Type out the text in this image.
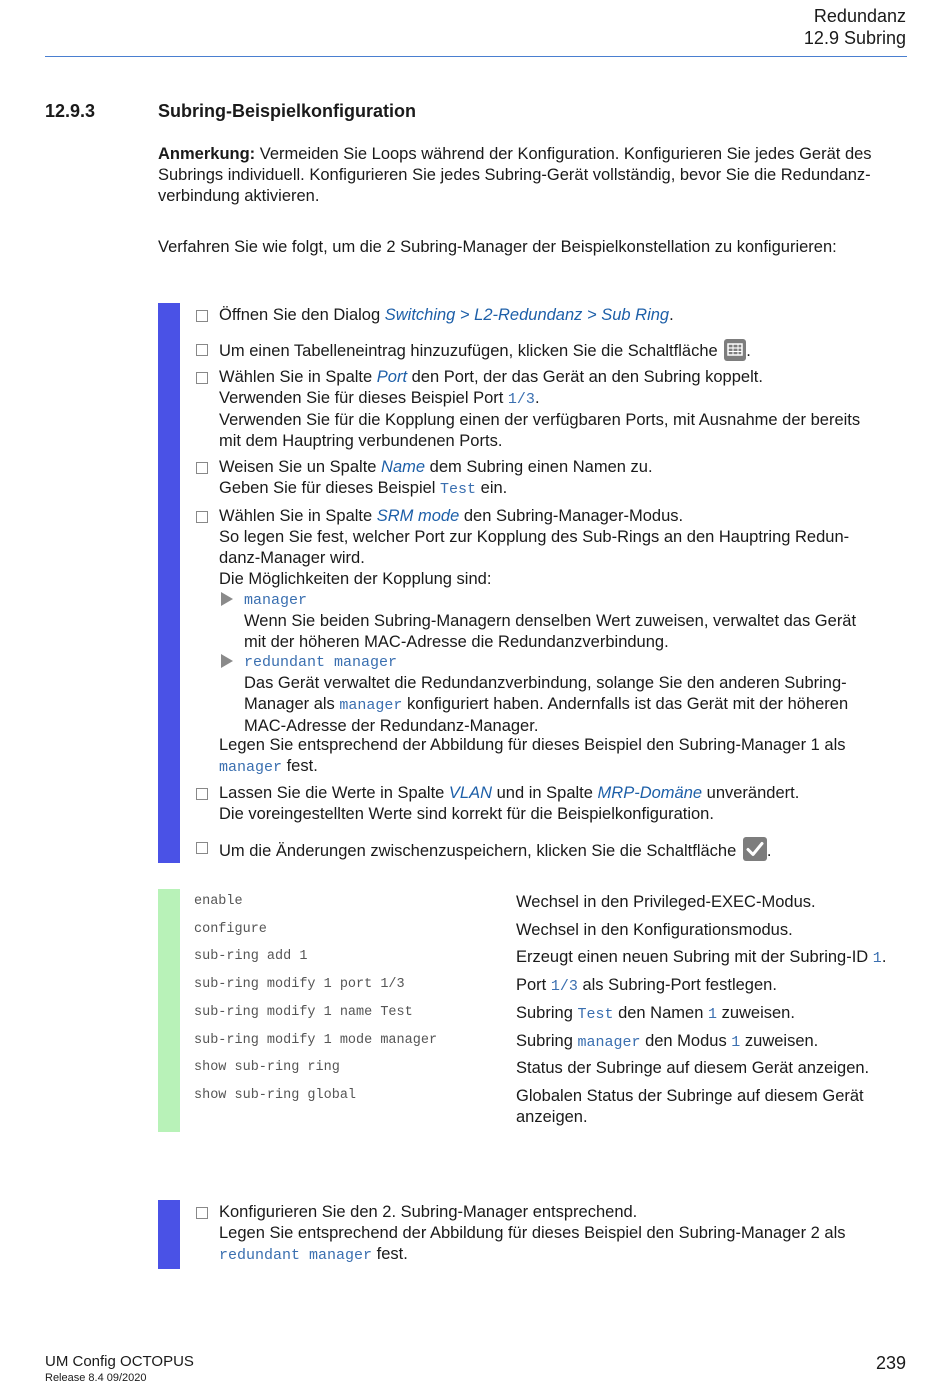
Redundanz
12.9 Subring
12.9.3	Subring-Beispielkonfiguration
Anmerkung: Vermeiden Sie Loops während der Konfiguration. Konfigurieren Sie jedes Gerät des
Subrings individuell. Konfigurieren Sie jedes Subring-Gerät vollständig, bevor Sie die Redundanz-
verbindung aktivieren.
Verfahren Sie wie folgt, um die 2 Subring-Manager der Beispielkonstellation zu konfigurieren:
Öffnen Sie den Dialog Switching > L2-Redundanz > Sub Ring.
Um einen Tabelleneintrag hinzuzufügen, klicken Sie die Schaltfläche .
Wählen Sie in Spalte Port den Port, der das Gerät an den Subring koppelt.
Verwenden Sie für dieses Beispiel Port 1/3.
Verwenden Sie für die Kopplung einen der verfügbaren Ports, mit Ausnahme der bereits
mit dem Hauptring verbundenen Ports.
Weisen Sie un Spalte Name dem Subring einen Namen zu.
Geben Sie für dieses Beispiel Test ein.
Wählen Sie in Spalte SRM mode den Subring-Manager-Modus.
So legen Sie fest, welcher Port zur Kopplung des Sub-Rings an den Hauptring Redun-
danz-Manager wird.
Die Möglichkeiten der Kopplung sind:
manager
Wenn Sie beiden Subring-Managern denselben Wert zuweisen, verwaltet das Gerät
mit der höheren MAC-Adresse die Redundanzverbindung.
redundant manager
Das Gerät verwaltet die Redundanzverbindung, solange Sie den anderen Subring-
Manager als manager konfiguriert haben. Andernfalls ist das Gerät mit der höheren
MAC-Adresse der Redundanz-Manager.
Legen Sie entsprechend der Abbildung für dieses Beispiel den Subring-Manager 1 als
manager fest.
Lassen Sie die Werte in Spalte VLAN und in Spalte MRP-Domäne unverändert.
Die voreingestellten Werte sind korrekt für die Beispielkonfiguration.
Um die Änderungen zwischenzuspeichern, klicken Sie die Schaltfläche .
enable	Wechsel in den Privileged-EXEC-Modus.
configure	Wechsel in den Konfigurationsmodus.
sub-ring add 1	Erzeugt einen neuen Subring mit der Subring-ID 1.
sub-ring modify 1 port 1/3	Port 1/3 als Subring-Port festlegen.
sub-ring modify 1 name Test	Subring Test den Namen 1 zuweisen.
sub-ring modify 1 mode manager	Subring manager den Modus 1 zuweisen.
show sub-ring ring	Status der Subringe auf diesem Gerät anzeigen.
show sub-ring global	Globalen Status der Subringe auf diesem Gerät
anzeigen.
Konfigurieren Sie den 2. Subring-Manager entsprechend.
Legen Sie entsprechend der Abbildung für dieses Beispiel den Subring-Manager 2 als
redundant manager fest.
UM Config OCTOPUS
Release 8.4 09/2020
239
